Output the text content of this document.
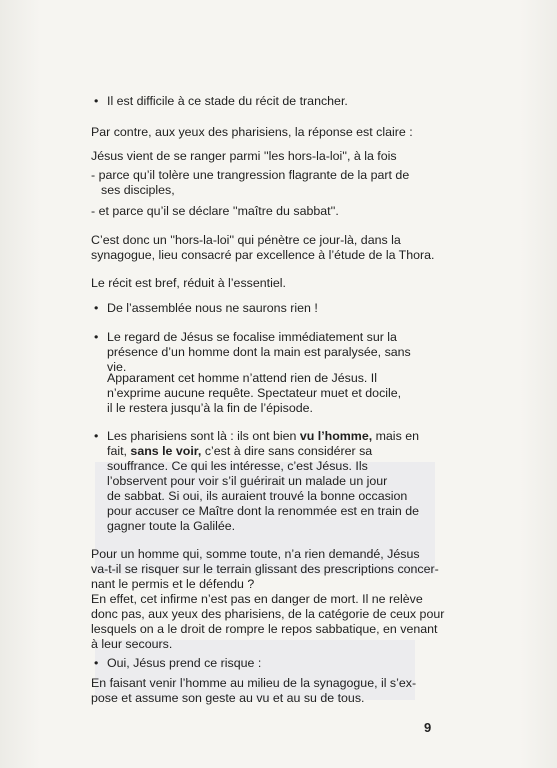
• Il est difficile à ce stade du récit de trancher.
Par contre, aux yeux des pharisiens, la réponse est claire :
Jésus vient de se ranger parmi ''les hors-la-loi'', à la fois
- parce qu’il tolère une trangression flagrante de la part de
ses disciples,
- et parce qu’il se déclare ''maître du sabbat''.
C’est donc un ''hors-la-loi'' qui pénètre ce jour-là, dans la
synagogue, lieu consacré par excellence à l’étude de la Thora.
Le récit est bref, réduit à l’essentiel.
• De l’assemblée nous ne saurons rien !
• Le regard de Jésus se focalise immédiatement sur la
présence d’un homme dont la main est paralysée, sans
vie.
Apparament cet homme n’attend rien de Jésus. Il
n’exprime aucune requête. Spectateur muet et docile,
il le restera jusqu’à la fin de l’épisode.
• Les pharisiens sont là : ils ont bien vu l’homme, mais en
fait, sans le voir, c’est à dire sans considérer sa
souffrance. Ce qui les intéresse, c’est Jésus. Ils
l’observent pour voir s’il guérirait un malade un jour
de sabbat. Si oui, ils auraient trouvé la bonne occasion
pour accuser ce Maître dont la renommée est en train de
gagner toute la Galilée.
Pour un homme qui, somme toute, n’a rien demandé, Jésus
va-t-il se risquer sur le terrain glissant des prescriptions concer-
nant le permis et le défendu ?
En effet, cet infirme n’est pas en danger de mort. Il ne relève
donc pas, aux yeux des pharisiens, de la catégorie de ceux pour
lesquels on a le droit de rompre le repos sabbatique, en venant
à leur secours.
• Oui, Jésus prend ce risque :
En faisant venir l’homme au milieu de la synagogue, il s’ex-
pose et assume son geste au vu et au su de tous.
9
